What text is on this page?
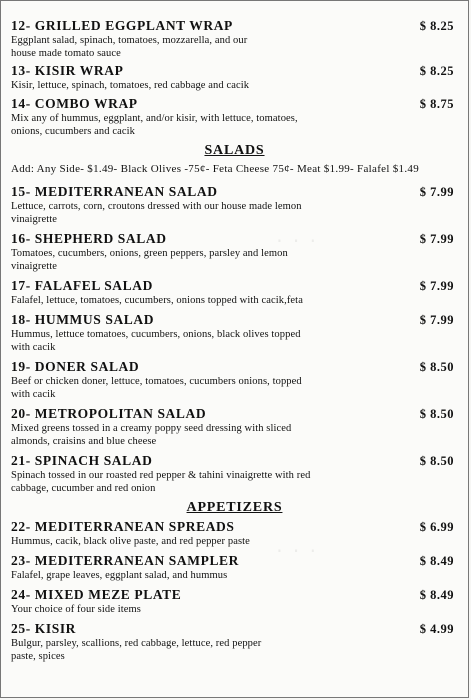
· · ·
· · ·
12- GRILLED EGGPLANT WRAP	$ 8.25
Eggplant salad, spinach, tomatoes, mozzarella, and our house made tomato sauce
13- KISIR WRAP	$ 8.25
Kisir, lettuce, spinach, tomatoes, red cabbage and cacik
14- COMBO WRAP	$ 8.75
Mix any of hummus, eggplant, and/or kisir, with lettuce, tomatoes, onions, cucumbers and cacik
SALADS
Add: Any Side- $1.49- Black Olives -75¢- Feta Cheese 75¢- Meat $1.99- Falafel $1.49
15- MEDITERRANEAN SALAD	$ 7.99
Lettuce, carrots, corn, croutons dressed with our house made lemon vinaigrette
16- SHEPHERD SALAD	$ 7.99
Tomatoes, cucumbers, onions, green peppers, parsley and lemon vinaigrette
17- FALAFEL SALAD	$ 7.99
Falafel, lettuce, tomatoes, cucumbers, onions topped with cacik,feta
18- HUMMUS SALAD	$ 7.99
Hummus, lettuce tomatoes, cucumbers, onions, black olives topped with cacik
19- DONER SALAD	$ 8.50
Beef or chicken doner, lettuce, tomatoes, cucumbers onions, topped with cacik
20- METROPOLITAN SALAD	$ 8.50
Mixed greens tossed in a creamy poppy seed dressing with sliced almonds, craisins and blue cheese
21- SPINACH SALAD	$ 8.50
Spinach tossed in our roasted red pepper & tahini vinaigrette with red cabbage, cucumber and red onion
APPETIZERS
22- MEDITERRANEAN SPREADS	$ 6.99
Hummus, cacik, black olive paste, and red pepper paste
23- MEDITERRANEAN SAMPLER	$ 8.49
Falafel, grape leaves, eggplant salad, and hummus
24- MIXED MEZE PLATE	$ 8.49
Your choice of four side items
25- KISIR	$ 4.99
Bulgur, parsley, scallions, red cabbage, lettuce, red pepper paste, spices
